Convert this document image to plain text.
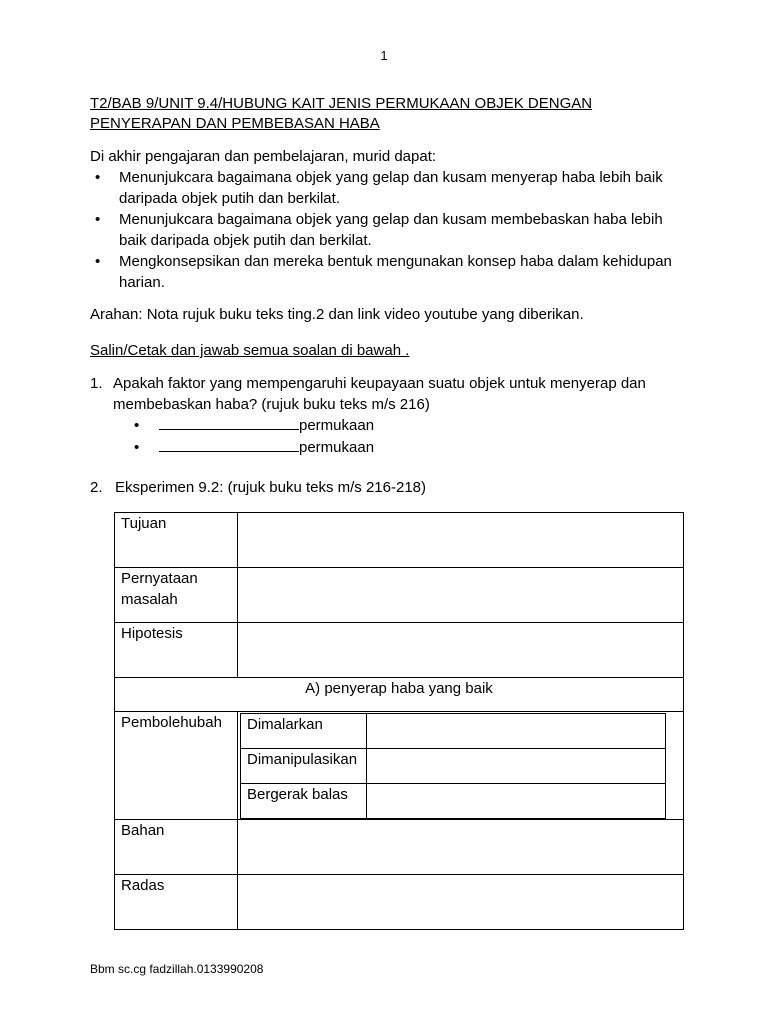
1
T2/BAB 9/UNIT 9.4/HUBUNG KAIT JENIS PERMUKAAN OBJEK DENGAN
PENYERAPAN DAN PEMBEBASAN HABA
Di akhir pengajaran dan pembelajaran, murid dapat:
• Menunjukcara bagaimana objek yang gelap dan kusam menyerap haba lebih baik daripada objek putih dan berkilat.
• Menunjukcara bagaimana objek yang gelap dan kusam membebaskan haba lebih baik daripada objek putih dan berkilat.
• Mengkonsepsikan dan mereka bentuk mengunakan konsep haba dalam kehidupan harian.
Arahan: Nota rujuk buku teks ting.2 dan link video youtube yang diberikan.
Salin/Cetak dan jawab semua soalan di bawah .
1. Apakah faktor yang mempengaruhi keupayaan suatu objek untuk menyerap dan membebaskan haba? (rujuk buku teks m/s 216)
• permukaan
• permukaan
2. Eksperimen 9.2: (rujuk buku teks m/s 216-218)
Tujuan	
Pernyataan masalah	
Hipotesis	
A) penyerap haba yang baik
Pembolehubah	Dimalarkan	
Dimanipulasikan	
Bergerak balas	

Bahan	
Radas	
Bbm sc.cg fadzillah.0133990208
